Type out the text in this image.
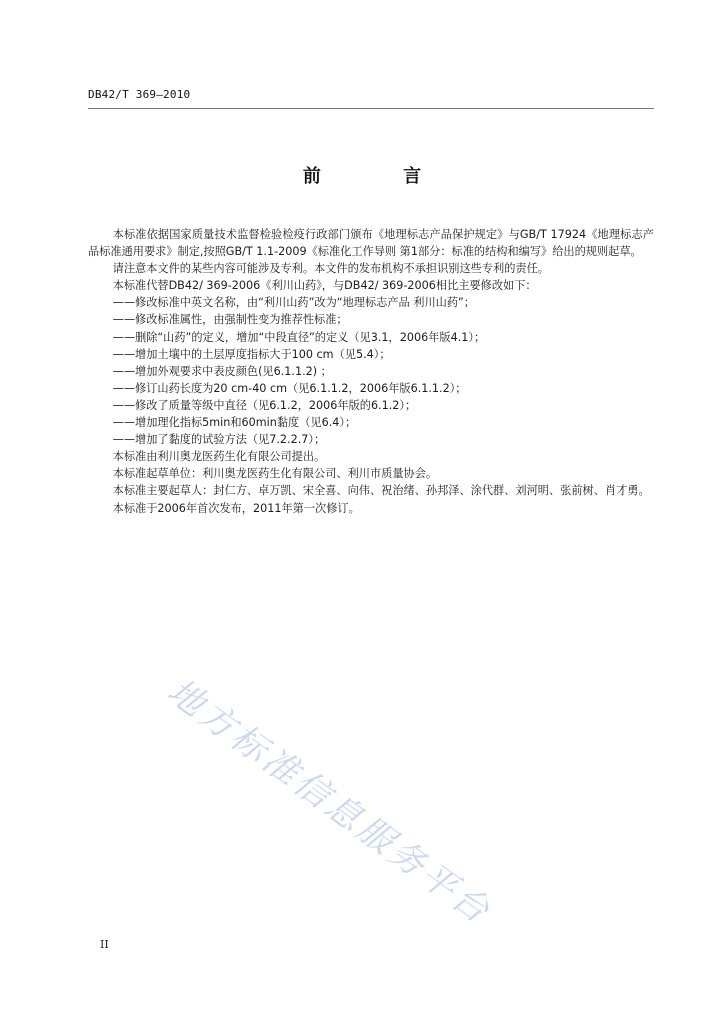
DB42/T 369—2010
前 言

本标准依据国家质量技术监督检验检疫行政部门颁布《地理标志产品保护规定》与GB/T 17924《地理标志产品标准通用要求》制定,按照GB/T 1.1-2009《标准化工作导则 第1部分：标准的结构和编写》给出的规则起草。

请注意本文件的某些内容可能涉及专利。本文件的发布机构不承担识别这些专利的责任。

本标准代替DB42/ 369-2006《利川山药》，与DB42/ 369-2006相比主要修改如下：

——修改标准中英文名称，由“利川山药”改为“地理标志产品 利川山药”；

——修改标准属性，由强制性变为推荐性标准；

——删除“山药”的定义，增加“中段直径”的定义（见3.1，2006年版4.1）；

——增加土壤中的土层厚度指标大于100 cm（见5.4）；

——增加外观要求中表皮颜色(见6.1.1.2) ；

——修订山药长度为20 cm-40 cm（见6.1.1.2，2006年版6.1.1.2）；

——修改了质量等级中直径（见6.1.2，2006年版的6.1.2）；

——增加理化指标5min和60min黏度（见6.4）；

——增加了黏度的试验方法（见7.2.2.7）；

本标准由利川奥龙医药生化有限公司提出。

本标准起草单位：利川奥龙医药生化有限公司、利川市质量协会。

本标准主要起草人：封仁方、卓万凯、宋全喜、向伟、祝治绪、孙邦泽、涂代群、刘河明、张前树、肖才勇。

本标准于2006年首次发布，2011年第一次修订。

地方标准信息服务平台
II
